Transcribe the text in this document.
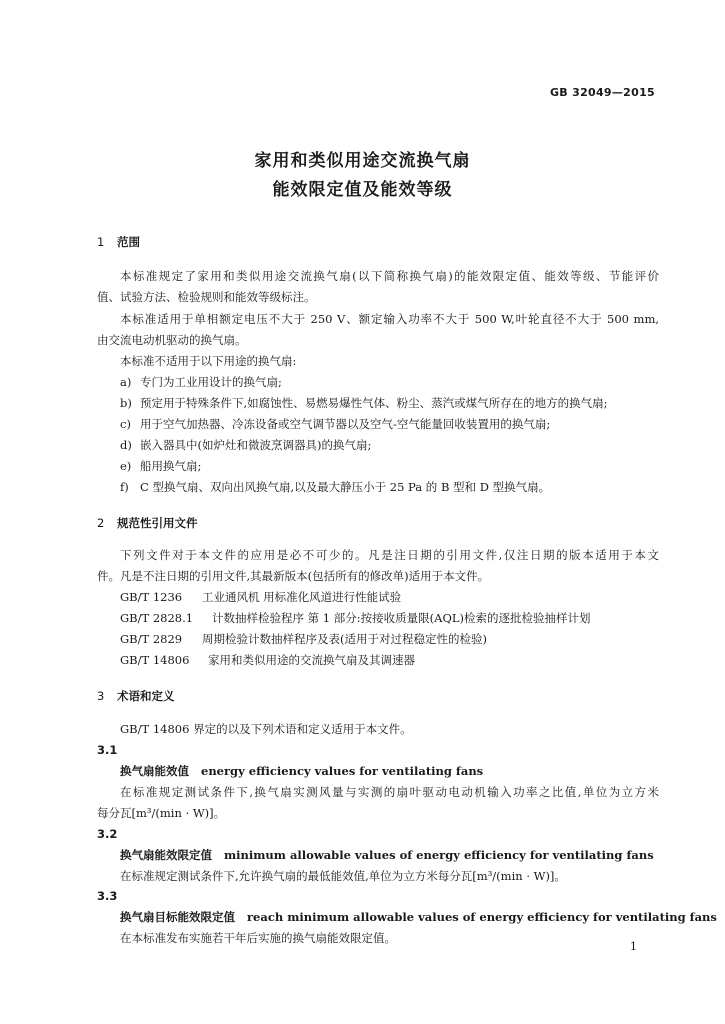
GB 32049—2015
家用和类似用途交流换气扇
能效限定值及能效等级
1 范围
本标准规定了家用和类似用途交流换气扇(以下简称换气扇)的能效限定值、能效等级、节能评价
值、试验方法、检验规则和能效等级标注。
本标准适用于单相额定电压不大于 250 V、额定输入功率不大于 500 W,叶轮直径不大于 500 mm,
由交流电动机驱动的换气扇。
本标准不适用于以下用途的换气扇:
a) 专门为工业用设计的换气扇;
b) 预定用于特殊条件下,如腐蚀性、易燃易爆性气体、粉尘、蒸汽或煤气所存在的地方的换气扇;
c) 用于空气加热器、冷冻设备或空气调节器以及空气-空气能量回收装置用的换气扇;
d) 嵌入器具中(如炉灶和微波烹调器具)的换气扇;
e) 船用换气扇;
f) C 型换气扇、双向出风换气扇,以及最大静压小于 25 Pa 的 B 型和 D 型换气扇。
2 规范性引用文件
下列文件对于本文件的应用是必不可少的。凡是注日期的引用文件,仅注日期的版本适用于本文
件。凡是不注日期的引用文件,其最新版本(包括所有的修改单)适用于本文件。
GB/T 1236 工业通风机 用标准化风道进行性能试验
GB/T 2828.1 计数抽样检验程序 第 1 部分:按接收质量限(AQL)检索的逐批检验抽样计划
GB/T 2829 周期检验计数抽样程序及表(适用于对过程稳定性的检验)
GB/T 14806 家用和类似用途的交流换气扇及其调速器
3 术语和定义
GB/T 14806 界定的以及下列术语和定义适用于本文件。
3.1
换气扇能效值 energy efficiency values for ventilating fans
在标准规定测试条件下,换气扇实测风量与实测的扇叶驱动电动机输入功率之比值,单位为立方米
每分瓦[m³/(min · W)]。
3.2
换气扇能效限定值 minimum allowable values of energy efficiency for ventilating fans
在标准规定测试条件下,允许换气扇的最低能效值,单位为立方米每分瓦[m³/(min · W)]。
3.3
换气扇目标能效限定值 reach minimum allowable values of energy efficiency for ventilating fans
在本标准发布实施若干年后实施的换气扇能效限定值。
1
